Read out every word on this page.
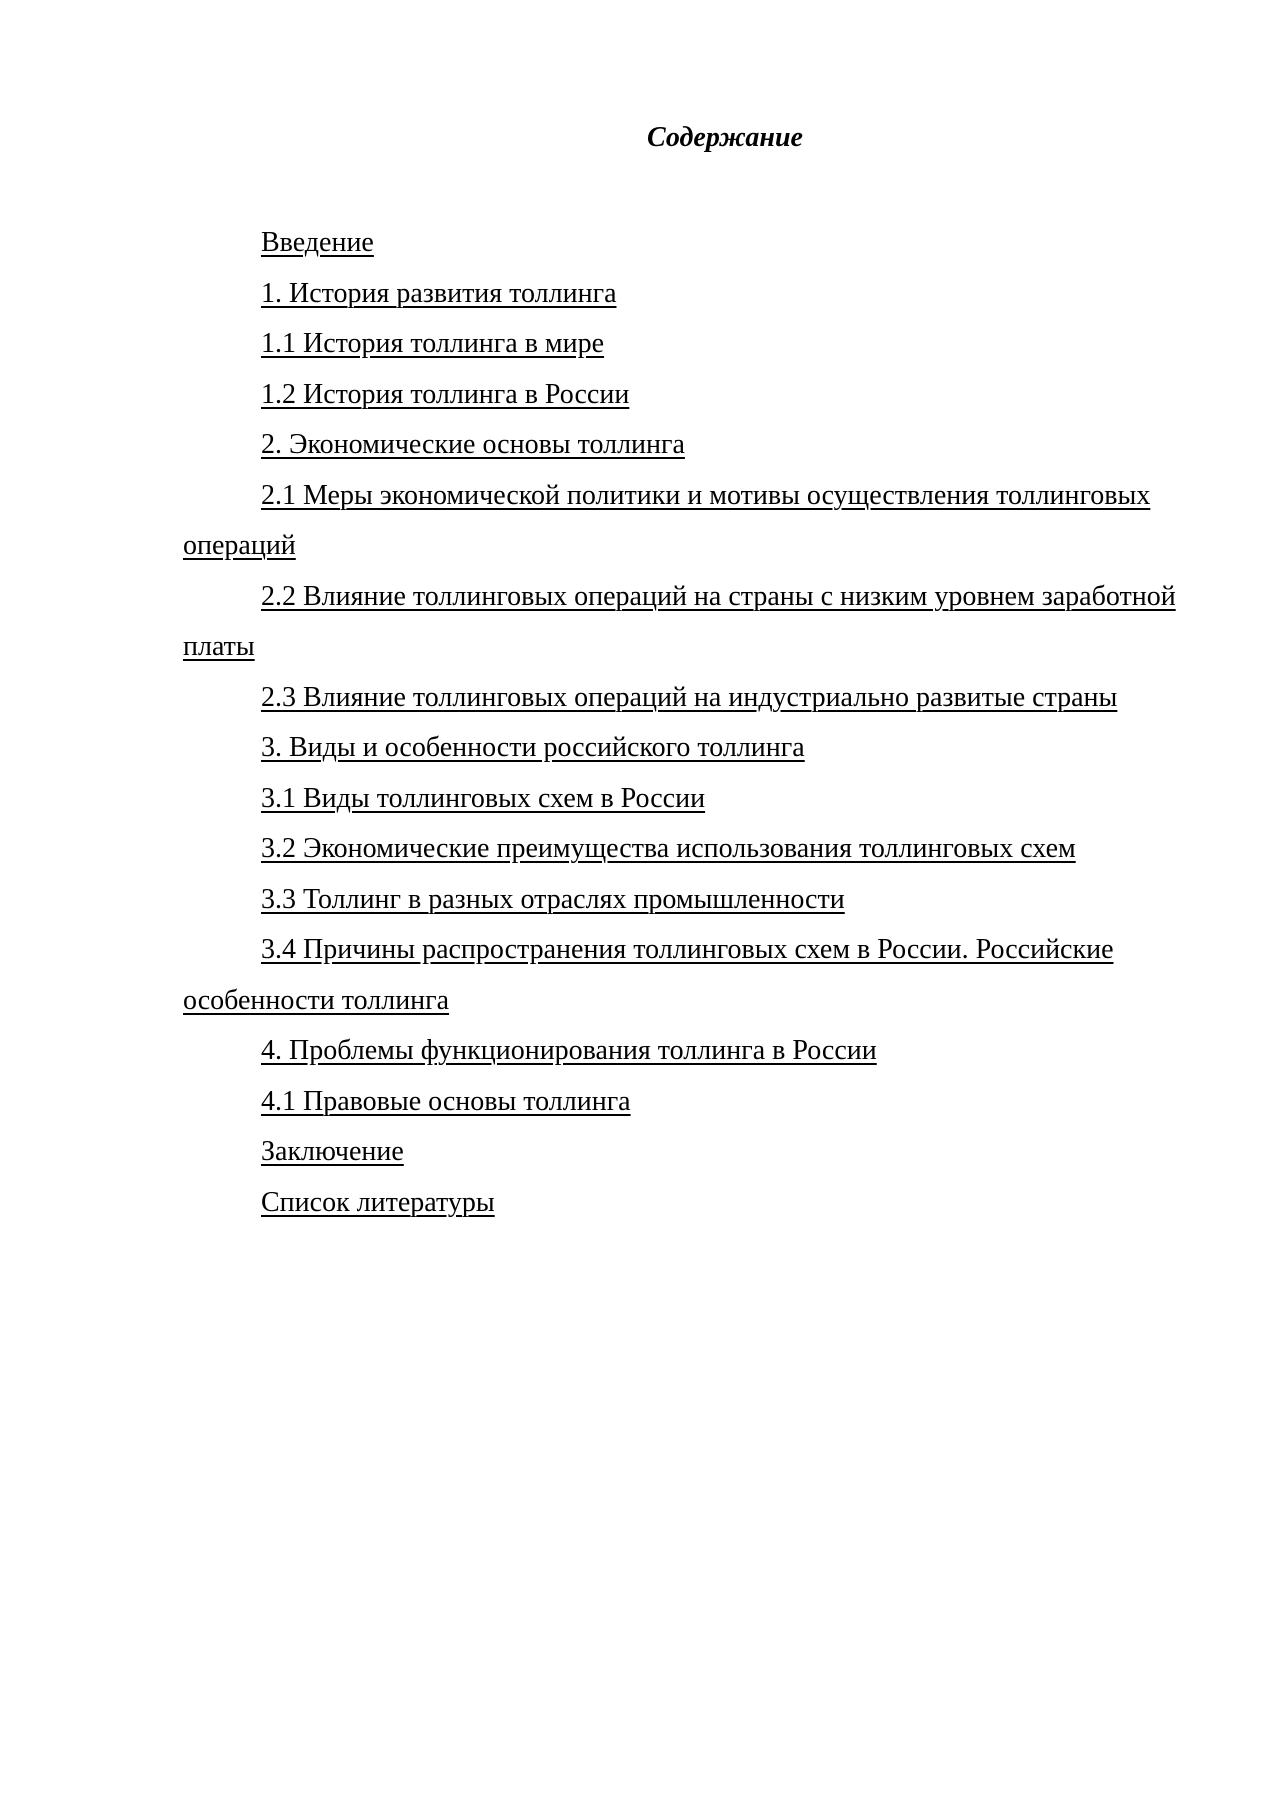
Содержание
Введение
1. История развития толлинга
1.1 История толлинга в мире
1.2 История толлинга в России
2. Экономические основы толлинга
2.1 Меры экономической политики и мотивы осуществления толлинговых операций
2.2 Влияние толлинговых операций на страны с низким уровнем заработной платы
2.3 Влияние толлинговых операций на индустриально развитые страны
3. Виды и особенности российского толлинга
3.1 Виды толлинговых схем в России
3.2 Экономические преимущества использования толлинговых схем
3.3 Толлинг в разных отраслях промышленности
3.4 Причины распространения толлинговых схем в России. Российские особенности толлинга
4. Проблемы функционирования толлинга в России
4.1 Правовые основы толлинга
Заключение
Список литературы
